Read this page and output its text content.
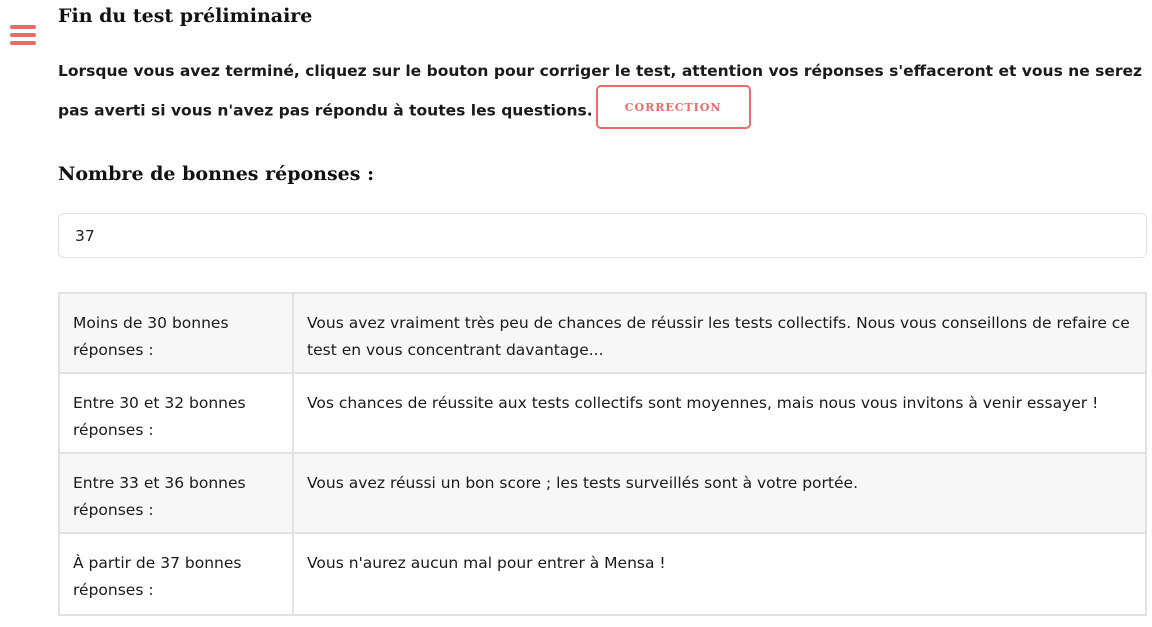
Fin du test préliminaire

Lorsque vous avez terminé, cliquez sur le bouton pour corriger le test, attention vos réponses s'effaceront et vous ne serez pas averti si vous n'avez pas répondu à toutes les questions.	CORRECTION

Nombre de bonnes réponses :
37
Moins de 30 bonnes réponses :	Vous avez vraiment très peu de chances de réussir les tests collectifs. Nous vous conseillons de refaire ce test en vous concentrant davantage...
Entre 30 et 32 bonnes réponses :	Vos chances de réussite aux tests collectifs sont moyennes, mais nous vous invitons à venir essayer !
Entre 33 et 36 bonnes réponses :	Vous avez réussi un bon score ; les tests surveillés sont à votre portée.
À partir de 37 bonnes réponses :	Vous n'aurez aucun mal pour entrer à Mensa !
